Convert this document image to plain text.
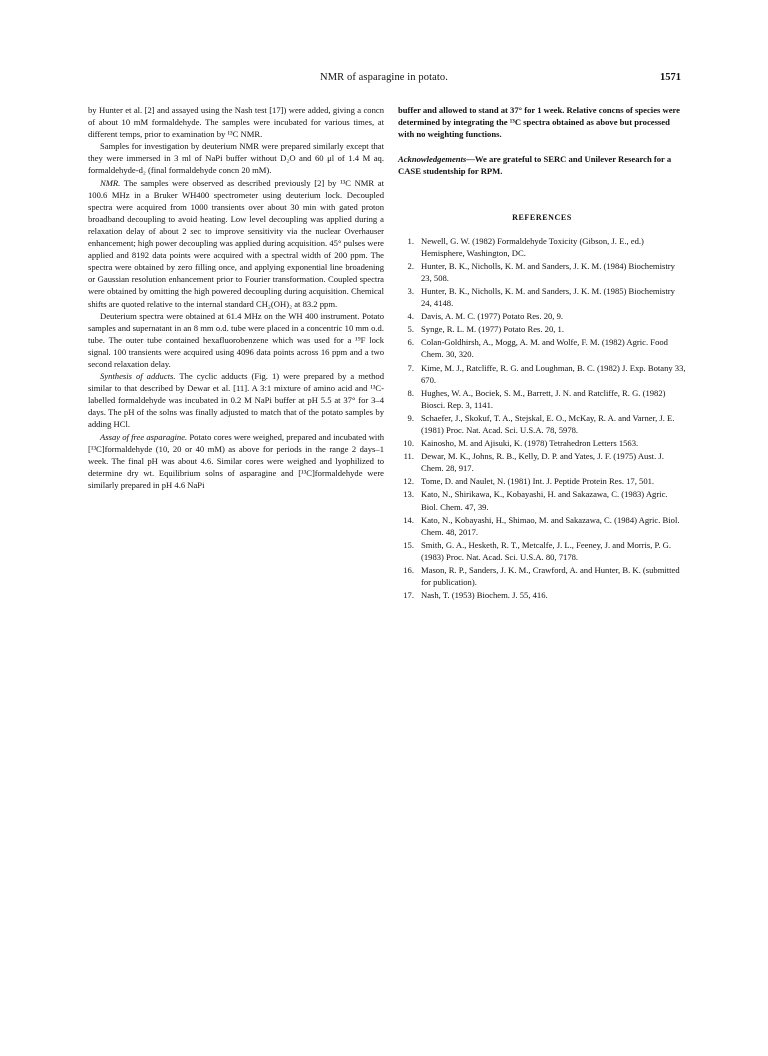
NMR of asparagine in potato.	1571

by Hunter et al. [2] and assayed using the Nash test [17]) were added, giving a concn of about 10 mM formaldehyde. The samples were incubated for various times, at different temps, prior to examination by ¹³C NMR.

Samples for investigation by deuterium NMR were prepared similarly except that they were immersed in 3 ml of NaPi buffer without D₂O and 60 μl of 1.4 M aq. formaldehyde-d₂ (final formaldehyde concn 20 mM).

NMR. The samples were observed as described previously [2] by ¹³C NMR at 100.6 MHz in a Bruker WH400 spectrometer using deuterium lock. Decoupled spectra were acquired from 1000 transients over about 30 min with gated proton broadband decoupling to avoid heating. Low level decoupling was applied during a relaxation delay of about 2 sec to improve sensitivity via the nuclear Overhauser enhancement; high power decoupling was applied during acquisition. 45° pulses were applied and 8192 data points were acquired with a spectral width of 200 ppm. The spectra were obtained by zero filling once, and applying exponential line broadening or Gaussian resolution enhancement prior to Fourier transformation. Coupled spectra were obtained by omitting the high powered decoupling during acquisition. Chemical shifts are quoted relative to the internal standard CH₂(OH)₂ at 83.2 ppm.

Deuterium spectra were obtained at 61.4 MHz on the WH 400 instrument. Potato samples and supernatant in an 8 mm o.d. tube were placed in a concentric 10 mm o.d. tube. The outer tube contained hexafluorobenzene which was used for a ¹⁹F lock signal. 100 transients were acquired using 4096 data points across 16 ppm and a two second relaxation delay.

Synthesis of adducts. The cyclic adducts (Fig. 1) were prepared by a method similar to that described by Dewar et al. [11]. A 3:1 mixture of amino acid and ¹³C-labelled formaldehyde was incubated in 0.2 M NaPi buffer at pH 5.5 at 37° for 3–4 days. The pH of the solns was finally adjusted to match that of the potato samples by adding HCl.

Assay of free asparagine. Potato cores were weighed, prepared and incubated with [¹³C]formaldehyde (10, 20 or 40 mM) as above for periods in the range 2 days–1 week. The final pH was about 4.6. Similar cores were weighed and lyophilized to determine dry wt. Equilibrium solns of asparagine and [¹³C]formaldehyde were similarly prepared in pH 4.6 NaPi

buffer and allowed to stand at 37° for 1 week. Relative concns of species were determined by integrating the ¹³C spectra obtained as above but processed with no weighting functions.

Acknowledgements—We are grateful to SERC and Unilever Research for a CASE studentship for RPM.

REFERENCES
1. Newell, G. W. (1982) Formaldehyde Toxicity (Gibson, J. E., ed.) Hemisphere, Washington, DC.
2. Hunter, B. K., Nicholls, K. M. and Sanders, J. K. M. (1984) Biochemistry 23, 508.
3. Hunter, B. K., Nicholls, K. M. and Sanders, J. K. M. (1985) Biochemistry 24, 4148.
4. Davis, A. M. C. (1977) Potato Res. 20, 9.
5. Synge, R. L. M. (1977) Potato Res. 20, 1.
6. Colan-Goldhirsh, A., Mogg, A. M. and Wolfe, F. M. (1982) Agric. Food Chem. 30, 320.
7. Kime, M. J., Ratcliffe, R. G. and Loughman, B. C. (1982) J. Exp. Botany 33, 670.
8. Hughes, W. A., Bociek, S. M., Barrett, J. N. and Ratcliffe, R. G. (1982) Biosci. Rep. 3, 1141.
9. Schaefer, J., Skokuf, T. A., Stejskal, E. O., McKay, R. A. and Varner, J. E. (1981) Proc. Nat. Acad. Sci. U.S.A. 78, 5978.
10. Kainosho, M. and Ajisuki, K. (1978) Tetrahedron Letters 1563.
11. Dewar, M. K., Johns, R. B., Kelly, D. P. and Yates, J. F. (1975) Aust. J. Chem. 28, 917.
12. Tome, D. and Naulet, N. (1981) Int. J. Peptide Protein Res. 17, 501.
13. Kato, N., Shirikawa, K., Kobayashi, H. and Sakazawa, C. (1983) Agric. Biol. Chem. 47, 39.
14. Kato, N., Kobayashi, H., Shimao, M. and Sakazawa, C. (1984) Agric. Biol. Chem. 48, 2017.
15. Smith, G. A., Hesketh, R. T., Metcalfe, J. L., Feeney, J. and Morris, P. G. (1983) Proc. Nat. Acad. Sci. U.S.A. 80, 7178.
16. Mason, R. P., Sanders, J. K. M., Crawford, A. and Hunter, B. K. (submitted for publication).
17. Nash, T. (1953) Biochem. J. 55, 416.
